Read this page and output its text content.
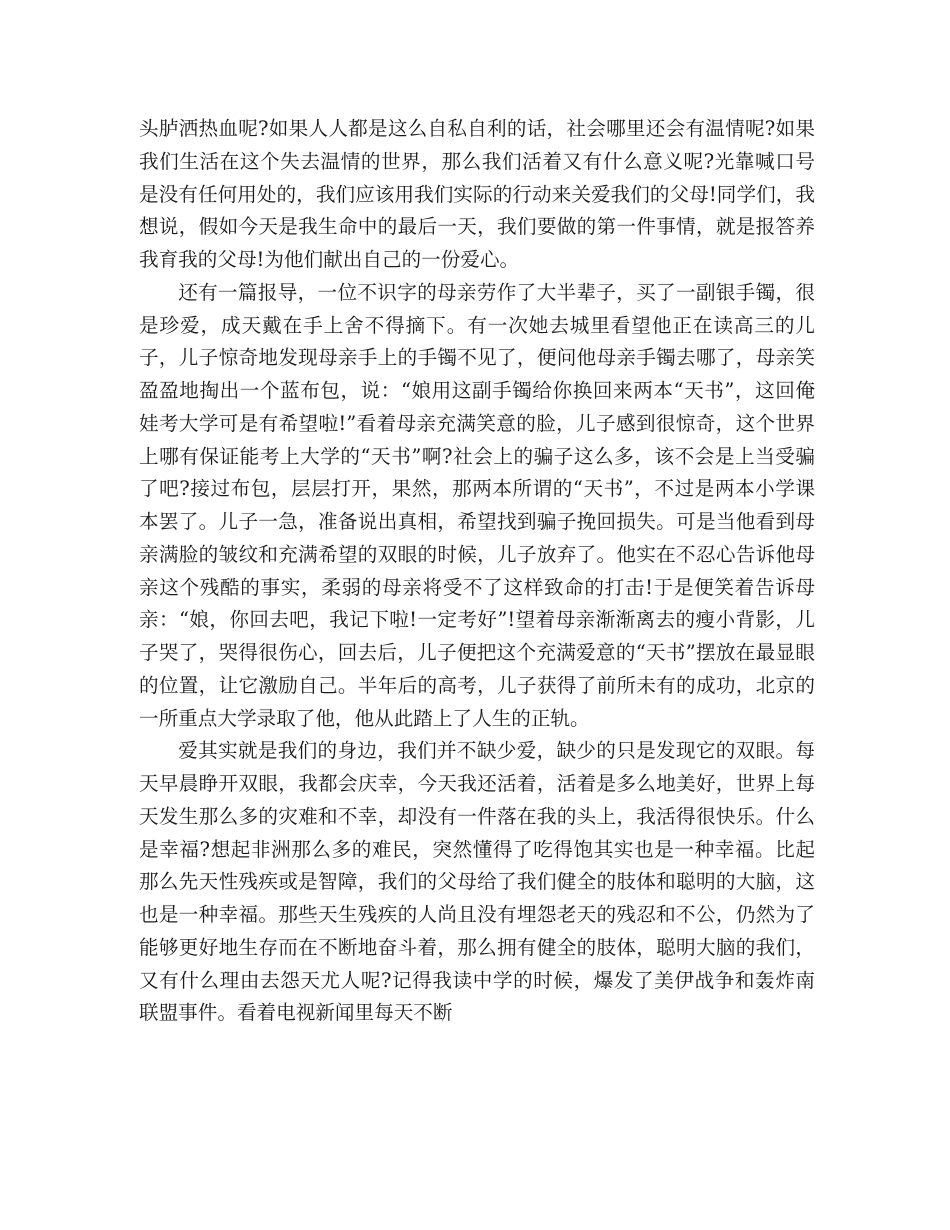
头胪洒热血呢?如果人人都是这么自私自利的话，社会哪里还会有温情呢?如果我们生活在这个失去温情的世界，那么我们活着又有什么意义呢?光靠喊口号是没有任何用处的，我们应该用我们实际的行动来关爱我们的父母!同学们，我想说，假如今天是我生命中的最后一天，我们要做的第一件事情，就是报答养我育我的父母!为他们献出自己的一份爱心。

还有一篇报导，一位不识字的母亲劳作了大半辈子，买了一副银手镯，很是珍爱，成天戴在手上舍不得摘下。有一次她去城里看望他正在读高三的儿子，儿子惊奇地发现母亲手上的手镯不见了，便问他母亲手镯去哪了，母亲笑盈盈地掏出一个蓝布包，说：“娘用这副手镯给你换回来两本“天书”，这回俺娃考大学可是有希望啦!”看着母亲充满笑意的脸，儿子感到很惊奇，这个世界上哪有保证能考上大学的“天书”啊?社会上的骗子这么多，该不会是上当受骗了吧?接过布包，层层打开，果然，那两本所谓的“天书”，不过是两本小学课本罢了。儿子一急，准备说出真相，希望找到骗子挽回损失。可是当他看到母亲满脸的皱纹和充满希望的双眼的时候，儿子放弃了。他实在不忍心告诉他母亲这个残酷的事实，柔弱的母亲将受不了这样致命的打击!于是便笑着告诉母亲：“娘，你回去吧，我记下啦!一定考好”!望着母亲渐渐离去的瘦小背影，儿子哭了，哭得很伤心，回去后，儿子便把这个充满爱意的“天书”摆放在最显眼的位置，让它激励自己。半年后的高考，儿子获得了前所未有的成功，北京的一所重点大学录取了他，他从此踏上了人生的正轨。

爱其实就是我们的身边，我们并不缺少爱，缺少的只是发现它的双眼。每天早晨睁开双眼，我都会庆幸，今天我还活着，活着是多么地美好，世界上每天发生那么多的灾难和不幸，却没有一件落在我的头上，我活得很快乐。什么是幸福?想起非洲那么多的难民，突然懂得了吃得饱其实也是一种幸福。比起那么先天性残疾或是智障，我们的父母给了我们健全的肢体和聪明的大脑，这也是一种幸福。那些天生残疾的人尚且没有埋怨老天的残忍和不公，仍然为了能够更好地生存而在不断地奋斗着，那么拥有健全的肢体，聪明大脑的我们，又有什么理由去怨天尤人呢?记得我读中学的时候，爆发了美伊战争和轰炸南联盟事件。看着电视新闻里每天不断
